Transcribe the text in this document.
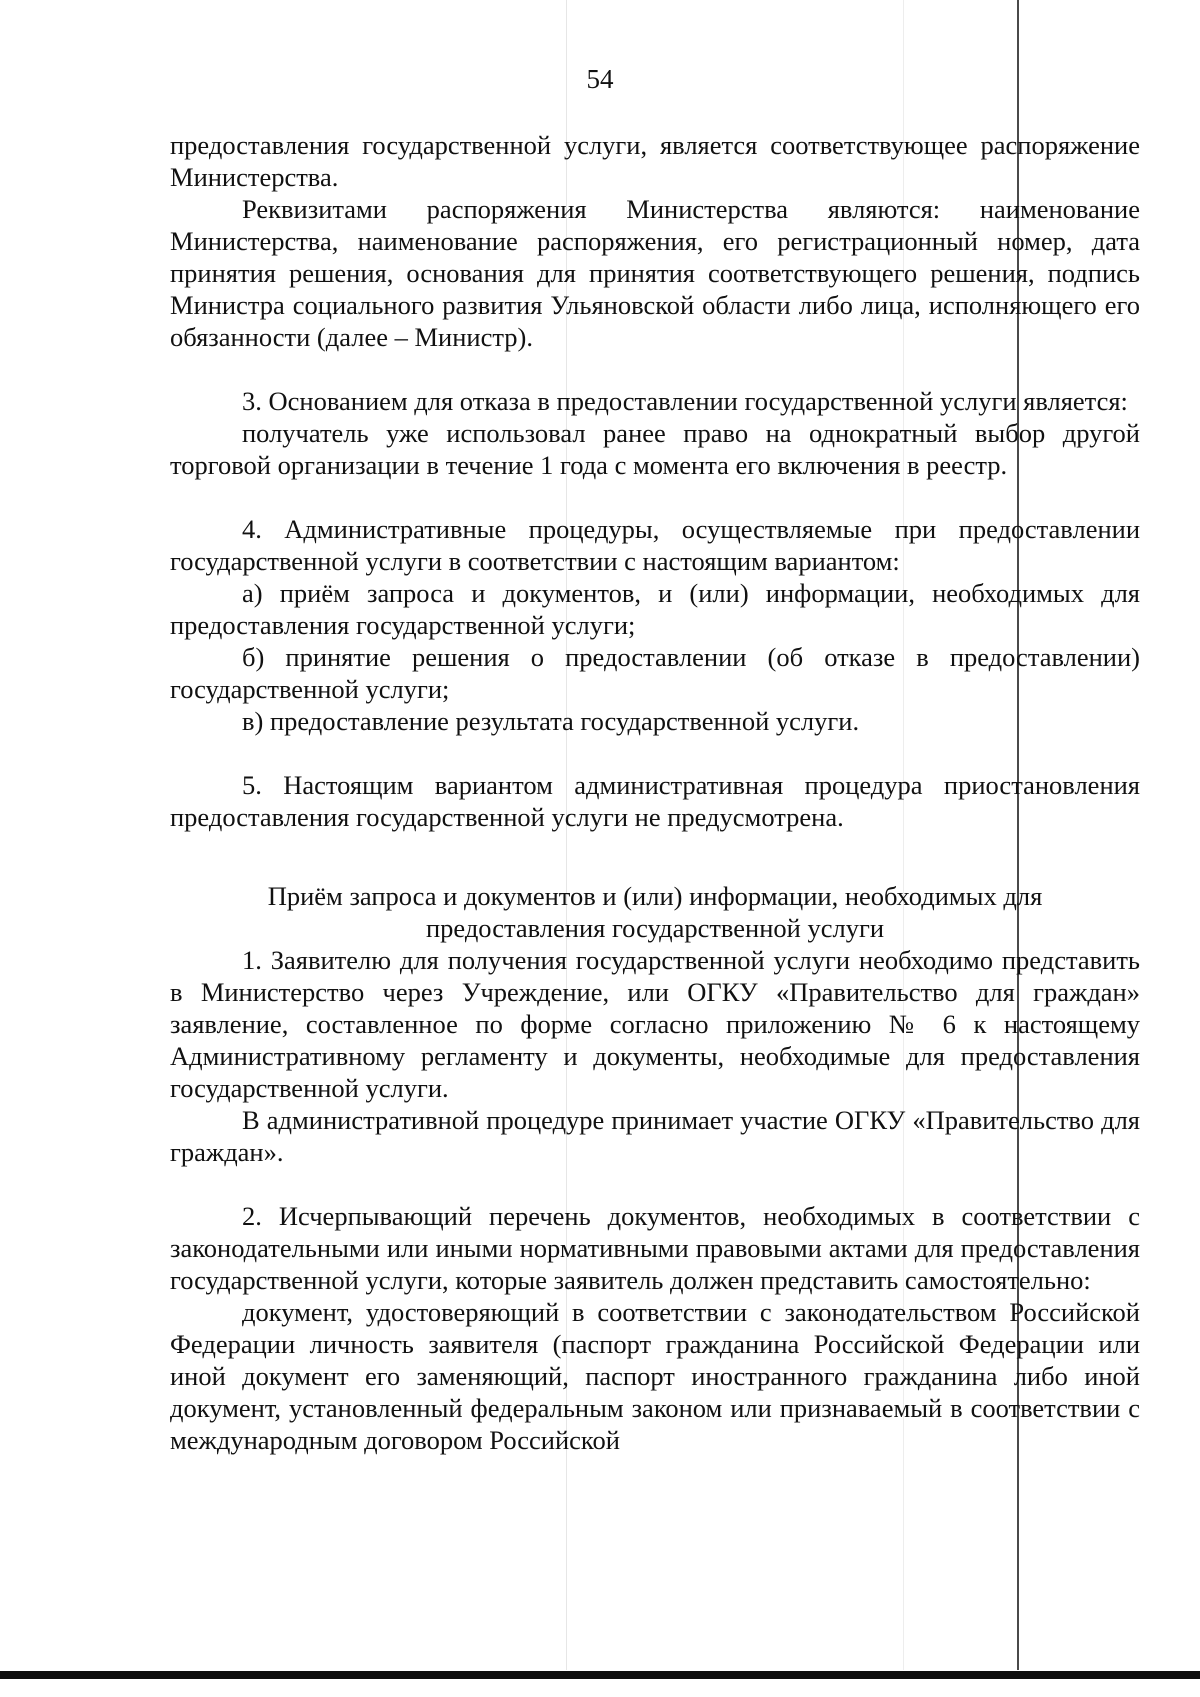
54

предоставления государственной услуги, является соответствующее распоряжение Министерства.

Реквизитами распоряжения Министерства являются: наименование Министерства, наименование распоряжения, его регистрационный номер, дата принятия решения, основания для принятия соответствующего решения, подпись Министра социального развития Ульяновской области либо лица, исполняющего его обязанности (далее – Министр).

3. Основанием для отказа в предоставлении государственной услуги является:

получатель уже использовал ранее право на однократный выбор другой торговой организации в течение 1 года с момента его включения в реестр.

4. Административные процедуры, осуществляемые при предоставлении государственной услуги в соответствии с настоящим вариантом:

а) приём запроса и документов, и (или) информации, необходимых для предоставления государственной услуги;

б) принятие решения о предоставлении (об отказе в предоставлении) государственной услуги;

в) предоставление результата государственной услуги.

5. Настоящим вариантом административная процедура приостановления предоставления государственной услуги не предусмотрена.

Приём запроса и документов и (или) информации, необходимых для предоставления государственной услуги

1. Заявителю для получения государственной услуги необходимо представить в Министерство через Учреждение, или ОГКУ «Правительство для граждан» заявление, составленное по форме согласно приложению № 6 к настоящему Административному регламенту и документы, необходимые для предоставления государственной услуги.

В административной процедуре принимает участие ОГКУ «Правительство для граждан».

2. Исчерпывающий перечень документов, необходимых в соответствии с законодательными или иными нормативными правовыми актами для предоставления государственной услуги, которые заявитель должен представить самостоятельно:

документ, удостоверяющий в соответствии с законодательством Российской Федерации личность заявителя (паспорт гражданина Российской Федерации или иной документ его заменяющий, паспорт иностранного гражданина либо иной документ, установленный федеральным законом или признаваемый в соответствии с международным договором Российской
